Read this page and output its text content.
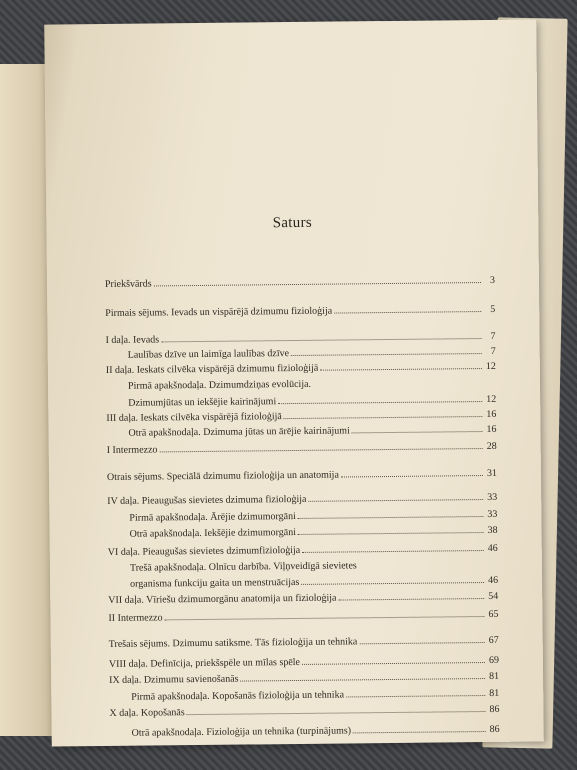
Saturs
Priekšvārds	3
Pirmais sējums. Ievads un vispārējā dzimumu fizioloģija	5
I daļa. Ievads	7
Laulības dzīve un laimīga laulības dzīve	7
II daļa. Ieskats cilvēka vispārējā dzimumu fizioloģijā	12
Pirmā apakšnodaļa. Dzimumdziņas evolūcija.
Dzimumjūtas un iekšējie kairinājumi	12
III daļa. Ieskats cilvēka vispārējā fizioloģijā	16
Otrā apakšnodaļa. Dzimuma jūtas un ārējie kairinājumi	16
I Intermezzo	28
Otrais sējums. Speciālā dzimumu fizioloģija un anatomija	31
IV daļa. Pieaugušas sievietes dzimuma fizioloģija	33
Pirmā apakšnodaļa. Ārējie dzimumorgāni	33
Otrā apakšnodaļa. Iekšējie dzimumorgāni	38
VI daļa. Pieaugušas sievietes dzimumfizioloģija	46
Trešā apakšnodaļa. Olnīcu darbība. Viļņveidīgā sievietes
organisma funkciju gaita un menstruācijas	46
VII daļa. Vīriešu dzimumorgānu anatomija un fizioloģija	54
II Intermezzo	65
Trešais sējums. Dzimumu satiksme. Tās fizioloģija un tehnika	67
VIII daļa. Definīcija, priekšspēle un mīlas spēle	69
IX daļa. Dzimumu savienošanās	81
Pirmā apakšnodaļa. Kopošanās fizioloģija un tehnika	81
X daļa. Kopošanās	86
Otrā apakšnodaļa. Fizioloģija un tehnika (turpinājums)	86
